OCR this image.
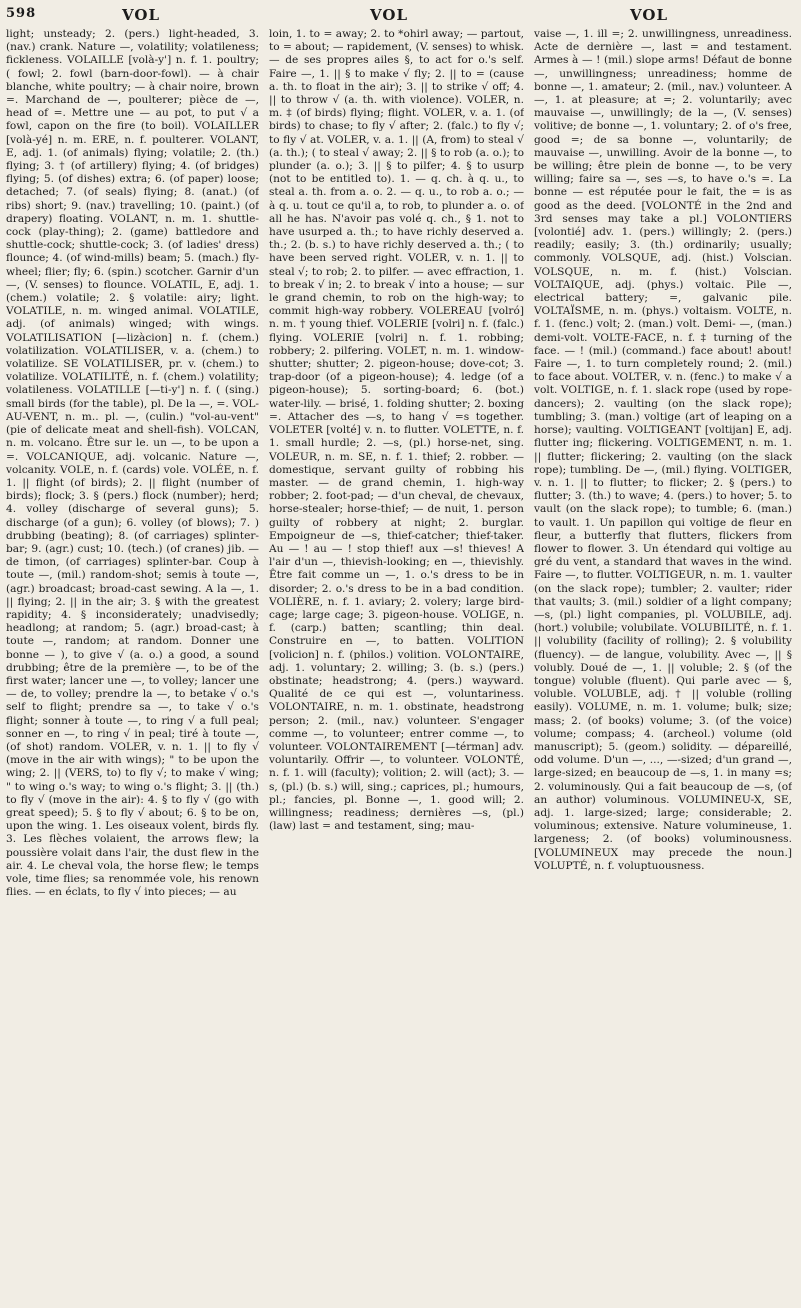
598	VOL	VOL	VOL

light; unsteady; 2. (pers.) light-headed, 3. (nav.) crank. Nature —, volatility; volatileness; fickleness. VOLAILLE [volà-y'] n. f. 1. poultry; ( fowl; 2. fowl (barn-door-fowl). — à chair blanche, white poultry; — à chair noire, brown =. Marchand de —, poulterer; pièce de —, head of =. Mettre une — au pot, to put √ a fowl, capon on the fire (to boil). VOLAILLER [volà-yé] n. m. ERE, n. f. poulterer. VOLANT, E, adj. 1. (of animals) flying; volatile; 2. (th.) flying; 3. † (of artillery) flying; 4. (of bridges) flying; 5. (of dishes) extra; 6. (of paper) loose; detached; 7. (of seals) flying; 8. (anat.) (of ribs) short; 9. (nav.) travelling; 10. (paint.) (of drapery) floating. VOLANT, n. m. 1. shuttle-cock (play-thing); 2. (game) battledore and shuttle-cock; shuttle-cock; 3. (of ladies' dress) flounce; 4. (of wind-mills) beam; 5. (mach.) fly-wheel; flier; fly; 6. (spin.) scotcher. Garnir d'un —, (V. senses) to flounce. VOLATIL, E, adj. 1. (chem.) volatile; 2. § volatile: airy; light. VOLATILE, n. m. winged animal. VOLATILE, adj. (of animals) winged; with wings. VOLATILISATION [—lizàcion] n. f. (chem.) volatilization. VOLATILISER, v. a. (chem.) to volatilize. SE VOLATILISER, pr. v. (chem.) to volatilize. VOLATILITÉ, n. f. (chem.) volatility; volatileness. VOLATILLE [—ti-y'] n. f. ( (sing.) small birds (for the table), pl. De la —, =. VOL-AU-VENT, n. m.. pl. —, (culin.) "vol-au-vent" (pie of delicate meat and shell-fish). VOLCAN, n. m. volcano. Être sur le. un —, to be upon a =. VOLCANIQUE, adj. volcanic. Nature —, volcanity. VOLE, n. f. (cards) vole. VOLÉE, n. f. 1. || flight (of birds); 2. || flight (number of birds); flock; 3. § (pers.) flock (number); herd; 4. volley (discharge of several guns); 5. discharge (of a gun); 6. volley (of blows); 7. ) drubbing (beating); 8. (of carriages) splinter-bar; 9. (agr.) cust; 10. (tech.) (of cranes) jib. — de timon, (of carriages) splinter-bar. Coup à toute —, (mil.) random-shot; semis à toute —, (agr.) broadcast; broad-cast sewing. A la —, 1. || flying; 2. || in the air; 3. § with the greatest rapidity; 4. § inconsiderately; unadvisedly; headlong; at random; 5. (agr.) broad-cast; à toute —, random; at random. Donner une bonne — ), to give √ (a. o.) a good, a sound drubbing; être de la première —, to be of the first water; lancer une —, to volley; lancer une — de, to volley; prendre la —, to betake √ o.'s self to flight; prendre sa —, to take √ o.'s flight; sonner à toute —, to ring √ a full peal; sonner en —, to ring √ in peal; tiré à toute —, (of shot) random. VOLER, v. n. 1. || to fly √ (move in the air with wings); " to be upon the wing; 2. || (VERS, to) to fly √; to make √ wing; " to wing o.'s way; to wing o.'s flight; 3. || (th.) to fly √ (move in the air): 4. § to fly √ (go with great speed); 5. § to fly √ about; 6. § to be on, upon the wing. 1. Les oiseaux volent, birds fly. 3. Les flèches volaient, the arrows flew; la poussière volait dans l'air, the dust flew in the air. 4. Le cheval vola, the horse flew; le temps vole, time flies; sa renommée vole, his renown flies. — en éclats, to fly √ into pieces; — au

loin, 1. to = away; 2. to *ohirl away; — partout, to = about; — rapidement, (V. senses) to whisk. — de ses propres ailes §, to act for o.'s self. Faire —, 1. || § to make √ fly; 2. || to = (cause a. th. to float in the air); 3. || to strike √ off; 4. || to throw √ (a. th. with violence). VOLER, n. m. ‡ (of birds) flying; flight. VOLER, v. a. 1. (of birds) to chase; to fly √ after; 2. (falc.) to fly √; to fly √ at. VOLER, v. a. 1. || (A, from) to steal √ (a. th.); ( to steal √ away; 2. || § to rob (a. o.); to plunder (a. o.); 3. || § to pilfer; 4. § to usurp (not to be entitled to). 1. — q. ch. à q. u., to steal a. th. from a. o. 2. — q. u., to rob a. o.; — à q. u. tout ce qu'il a, to rob, to plunder a. o. of all he has. N'avoir pas volé q. ch., § 1. not to have usurped a. th.; to have richly deserved a. th.; 2. (b. s.) to have richly deserved a. th.; ( to have been served right. VOLER, v. n. 1. || to steal √; to rob; 2. to pilfer. — avec effraction, 1. to break √ in; 2. to break √ into a house; — sur le grand chemin, to rob on the high-way; to commit high-way robbery. VOLEREAU [volró] n. m. † young thief. VOLERIE [volri] n. f. (falc.) flying. VOLERIE [volri] n. f. 1. robbing; robbery; 2. pilfering. VOLET, n. m. 1. window-shutter; shutter; 2. pigeon-house; dove-cot; 3. trap-door (of a pigeon-house); 4. ledge (of a pigeon-house); 5. sorting-board; 6. (bot.) water-lily. — brisé, 1. folding shutter; 2. boxing =. Attacher des —s, to hang √ =s together. VOLETER [volté] v. n. to flutter. VOLETTE, n. f. 1. small hurdle; 2. —s, (pl.) horse-net, sing. VOLEUR, n. m. SE, n. f. 1. thief; 2. robber. — domestique, servant guilty of robbing his master. — de grand chemin, 1. high-way robber; 2. foot-pad; — d'un cheval, de chevaux, horse-stealer; horse-thief; — de nuit, 1. person guilty of robbery at night; 2. burglar. Empoigneur de —s, thief-catcher; thief-taker. Au — ! au — ! stop thief! aux —s! thieves! A l'air d'un —, thievish-looking; en —, thievishly. Être fait comme un —, 1. o.'s dress to be in disorder; 2. o.'s dress to be in a bad condition. VOLIÈRE, n. f. 1. aviary; 2. volery; large bird-cage; large cage; 3. pigeon-house. VOLIGE, n. f. (carp.) batten; scantling; thin deal. Construire en —, to batten. VOLITION [volicion] n. f. (philos.) volition. VOLONTAIRE, adj. 1. voluntary; 2. willing; 3. (b. s.) (pers.) obstinate; headstrong; 4. (pers.) wayward. Qualité de ce qui est —, voluntariness. VOLONTAIRE, n. m. 1. obstinate, headstrong person; 2. (mil., nav.) volunteer. S'engager comme —, to volunteer; entrer comme —, to volunteer. VOLONTAIREMENT [—térman] adv. voluntarily. Offrir —, to volunteer. VOLONTÉ, n. f. 1. will (faculty); volition; 2. will (act); 3. —s, (pl.) (b. s.) will, sing.; caprices, pl.; humours, pl.; fancies, pl. Bonne —, 1. good will; 2. willingness; readiness; dernières —s, (pl.) (law) last = and testament, sing; mau-

vaise —, 1. ill =; 2. unwillingness, unreadiness. Acte de dernière —, last = and testament. Armes à — ! (mil.) slope arms! Défaut de bonne —, unwillingness; unreadiness; homme de bonne —, 1. amateur; 2. (mil., nav.) volunteer. A —, 1. at pleasure; at =; 2. voluntarily; avec mauvaise —, unwillingly; de la —, (V. senses) volitive; de bonne —, 1. voluntary; 2. of o's free, good =; de sa bonne —, voluntarily; de mauvaise —, unwilling. Avoir de la bonne —, to be willing; être plein de bonne —, to be very willing; faire sa —, ses —s, to have o.'s =. La bonne — est réputée pour le fait, the = is as good as the deed. [VOLONTÉ in the 2nd and 3rd senses may take a pl.] VOLONTIERS [volontié] adv. 1. (pers.) willingly; 2. (pers.) readily; easily; 3. (th.) ordinarily; usually; commonly. VOLSQUE, adj. (hist.) Volscian. VOLSQUE, n. m. f. (hist.) Volscian. VOLTAIQUE, adj. (phys.) voltaic. Pile —, electrical battery; =, galvanic pile. VOLTAÏSME, n. m. (phys.) voltaism. VOLTE, n. f. 1. (fenc.) volt; 2. (man.) volt. Demi- —, (man.) demi-volt. VOLTE-FACE, n. f. ‡ turning of the face. — ! (mil.) (command.) face about! about! Faire —, 1. to turn completely round; 2. (mil.) to face about. VOLTER, v. n. (fenc.) to make √ a volt. VOLTIGE, n. f. 1. slack rope (used by rope-dancers); 2. vaulting (on the slack rope); tumbling; 3. (man.) voltige (art of leaping on a horse); vaulting. VOLTIGEANT [voltijan] E, adj. flutter ing; flickering. VOLTIGEMENT, n. m. 1. || flutter; flickering; 2. vaulting (on the slack rope); tumbling. De —, (mil.) flying. VOLTIGER, v. n. 1. || to flutter; to flicker; 2. § (pers.) to flutter; 3. (th.) to wave; 4. (pers.) to hover; 5. to vault (on the slack rope); to tumble; 6. (man.) to vault. 1. Un papillon qui voltige de fleur en fleur, a butterfly that flutters, flickers from flower to flower. 3. Un étendard qui voltige au gré du vent, a standard that waves in the wind. Faire —, to flutter. VOLTIGEUR, n. m. 1. vaulter (on the slack rope); tumbler; 2. vaulter; rider that vaults; 3. (mil.) soldier of a light company; —s, (pl.) light companies, pl. VOLUBILE, adj. (hort.) volubile; volubilate. VOLUBILITÉ, n. f. 1. || volubility (facility of rolling); 2. § volubility (fluency). — de langue, volubility. Avec —, || § volubly. Doué de —, 1. || voluble; 2. § (of the tongue) voluble (fluent). Qui parle avec — §, voluble. VOLUBLE, adj. † || voluble (rolling easily). VOLUME, n. m. 1. volume; bulk; size; mass; 2. (of books) volume; 3. (of the voice) volume; compass; 4. (archeol.) volume (old manuscript); 5. (geom.) solidity. — dépareillé, odd volume. D'un —, ..., —-sized; d'un grand —, large-sized; en beaucoup de —s, 1. in many =s; 2. voluminously. Qui a fait beaucoup de —s, (of an author) voluminous. VOLUMINEU-X, SE, adj. 1. large-sized; large; considerable; 2. voluminous; extensive. Nature volumineuse, 1. largeness; 2. (of books) voluminousness. [VOLUMINEUX may precede the noun.] VOLUPTÉ, n. f. voluptuousness.
